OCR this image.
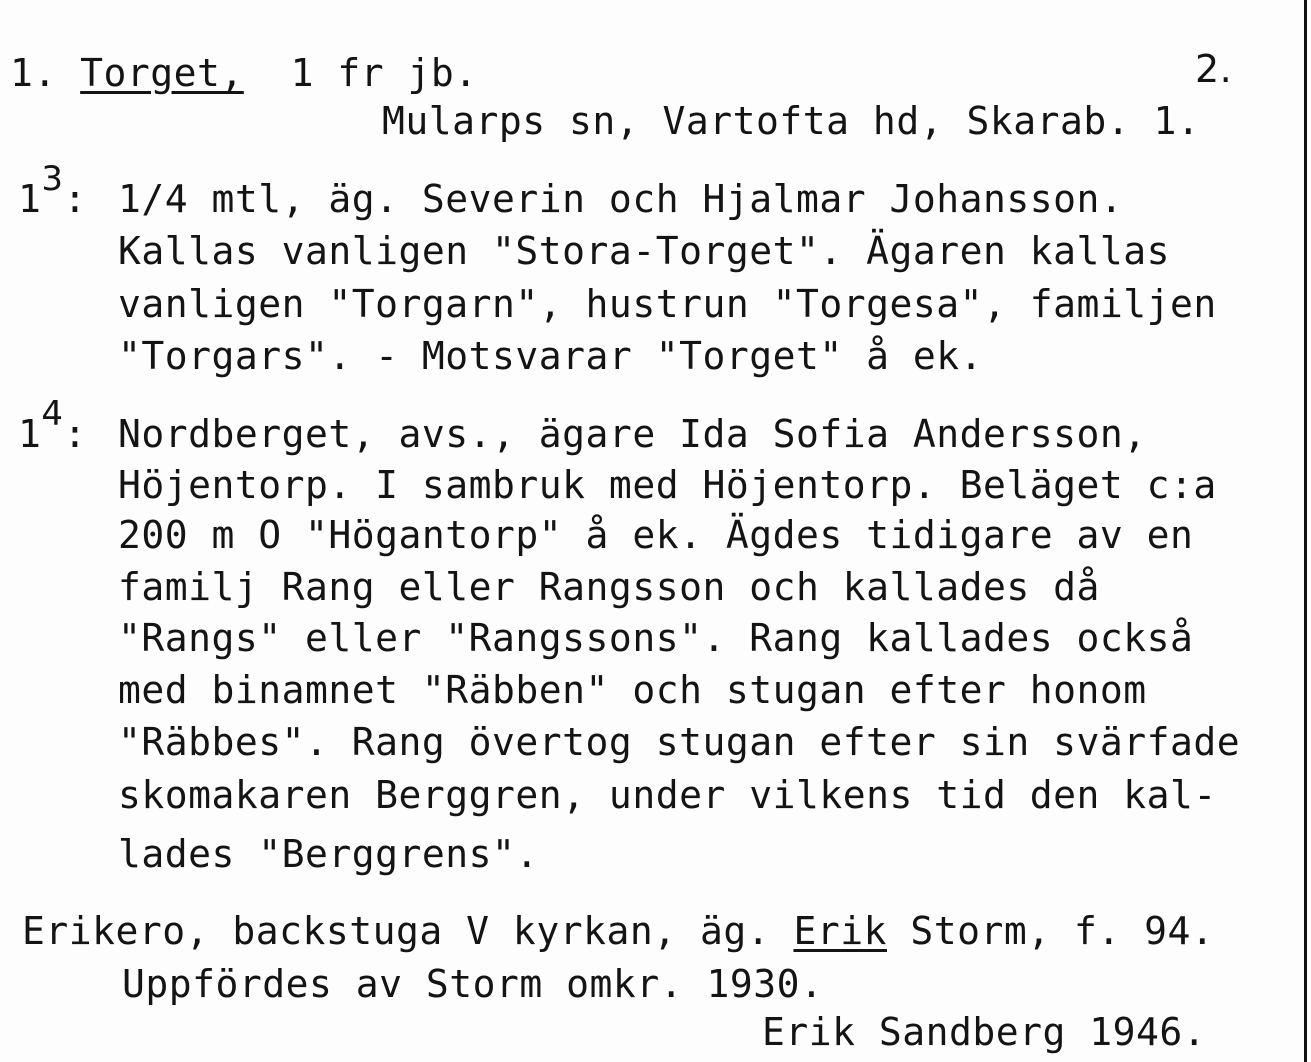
1. Torget, 1 fr jb.	2.
Mularps sn, Vartofta hd, Skarab. 1.
13: 1/4 mtl, äg. Severin och Hjalmar Johansson.
Kallas vanligen "Stora-Torget". Ägaren kallas
vanligen "Torgarn", hustrun "Torgesa", familjen
"Torgars". - Motsvarar "Torget" å ek.
14: Nordberget, avs., ägare Ida Sofia Andersson,
Höjentorp. I sambruk med Höjentorp. Beläget c:a
200 m O "Högantorp" å ek. Ägdes tidigare av en
familj Rang eller Rangsson och kallades då
"Rangs" eller "Rangssons". Rang kallades också
med binamnet "Räbben" och stugan efter honom
"Räbbes". Rang övertog stugan efter sin svärfade
skomakaren Berggren, under vilkens tid den kal-
lades "Berggrens".
Erikero, backstuga V kyrkan, äg. Erik Storm, f. 94.
Uppfördes av Storm omkr. 1930.
Erik Sandberg 1946.
